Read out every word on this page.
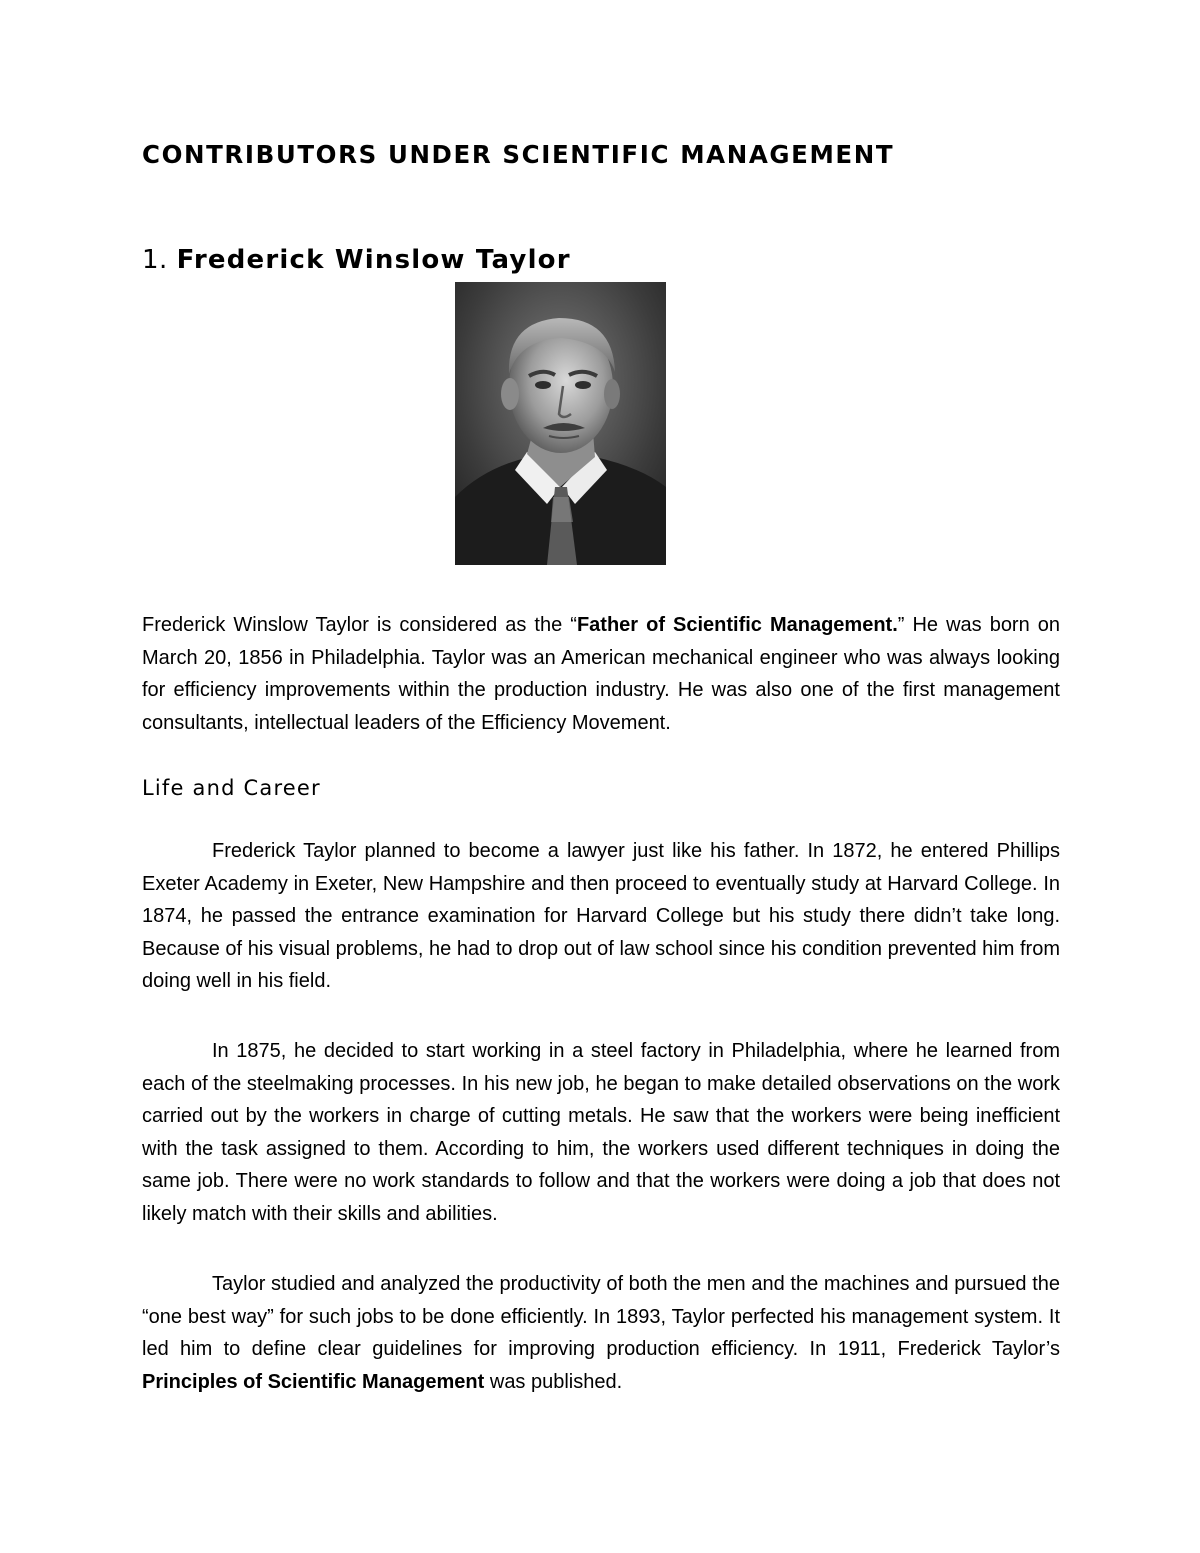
CONTRIBUTORS UNDER SCIENTIFIC MANAGEMENT
1. Frederick Winslow Taylor

Frederick Winslow Taylor is considered as the “Father of Scientific Management.” He was born on March 20, 1856 in Philadelphia. Taylor was an American mechanical engineer who was always looking for efficiency improvements within the production industry. He was also one of the first management consultants, intellectual leaders of the Efficiency Movement.

Life and Career

Frederick Taylor planned to become a lawyer just like his father. In 1872, he entered Phillips Exeter Academy in Exeter, New Hampshire and then proceed to eventually study at Harvard College. In 1874, he passed the entrance examination for Harvard College but his study there didn’t take long. Because of his visual problems, he had to drop out of law school since his condition prevented him from doing well in his field.

In 1875, he decided to start working in a steel factory in Philadelphia, where he learned from each of the steelmaking processes. In his new job, he began to make detailed observations on the work carried out by the workers in charge of cutting metals. He saw that the workers were being inefficient with the task assigned to them. According to him, the workers used different techniques in doing the same job. There were no work standards to follow and that the workers were doing a job that does not likely match with their skills and abilities.

Taylor studied and analyzed the productivity of both the men and the machines and pursued the “one best way” for such jobs to be done efficiently. In 1893, Taylor perfected his management system. It led him to define clear guidelines for improving production efficiency. In 1911, Frederick Taylor’s Principles of Scientific Management was published.
